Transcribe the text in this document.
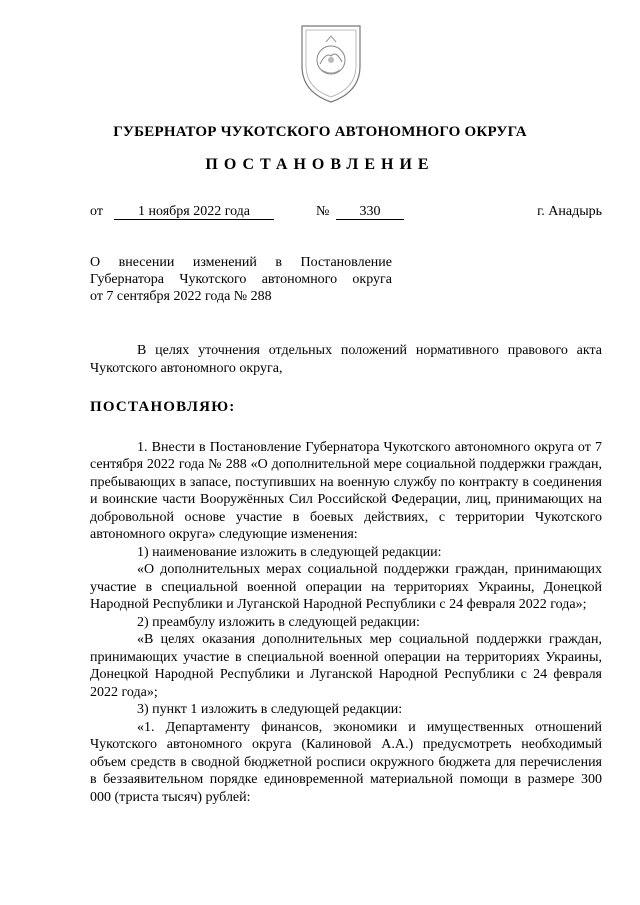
ГУБЕРНАТОР ЧУКОТСКОГО АВТОНОМНОГО ОКРУГА
ПОСТАНОВЛЕНИЕ
от	1 ноября 2022 года	№	330	г. Анадырь
О внесении изменений в Постановление
Губернатора Чукотского автономного округа
от 7 сентября 2022 года № 288

В целях уточнения отдельных положений нормативного правового акта Чукотского автономного округа,

ПОСТАНОВЛЯЮ:

1. Внести в Постановление Губернатора Чукотского автономного округа от 7 сентября 2022 года № 288 «О дополнительной мере социальной поддержки граждан, пребывающих в запасе, поступивших на военную службу по контракту в соединения и воинские части Вооружённых Сил Российской Федерации, лиц, принимающих на добровольной основе участие в боевых действиях, с территории Чукотского автономного округа» следующие изменения:

1) наименование изложить в следующей редакции:

«О дополнительных мерах социальной поддержки граждан, принимающих участие в специальной военной операции на территориях Украины, Донецкой Народной Республики и Луганской Народной Республики с 24 февраля 2022 года»;

2) преамбулу изложить в следующей редакции:

«В целях оказания дополнительных мер социальной поддержки граждан, принимающих участие в специальной военной операции на территориях Украины, Донецкой Народной Республики и Луганской Народной Республики с 24 февраля 2022 года»;

3) пункт 1 изложить в следующей редакции:

«1. Департаменту финансов, экономики и имущественных отношений Чукотского автономного округа (Калиновой А.А.) предусмотреть необходимый объем средств в сводной бюджетной росписи окружного бюджета для перечисления в беззаявительном порядке единовременной материальной помощи в размере 300 000 (триста тысяч) рублей:
